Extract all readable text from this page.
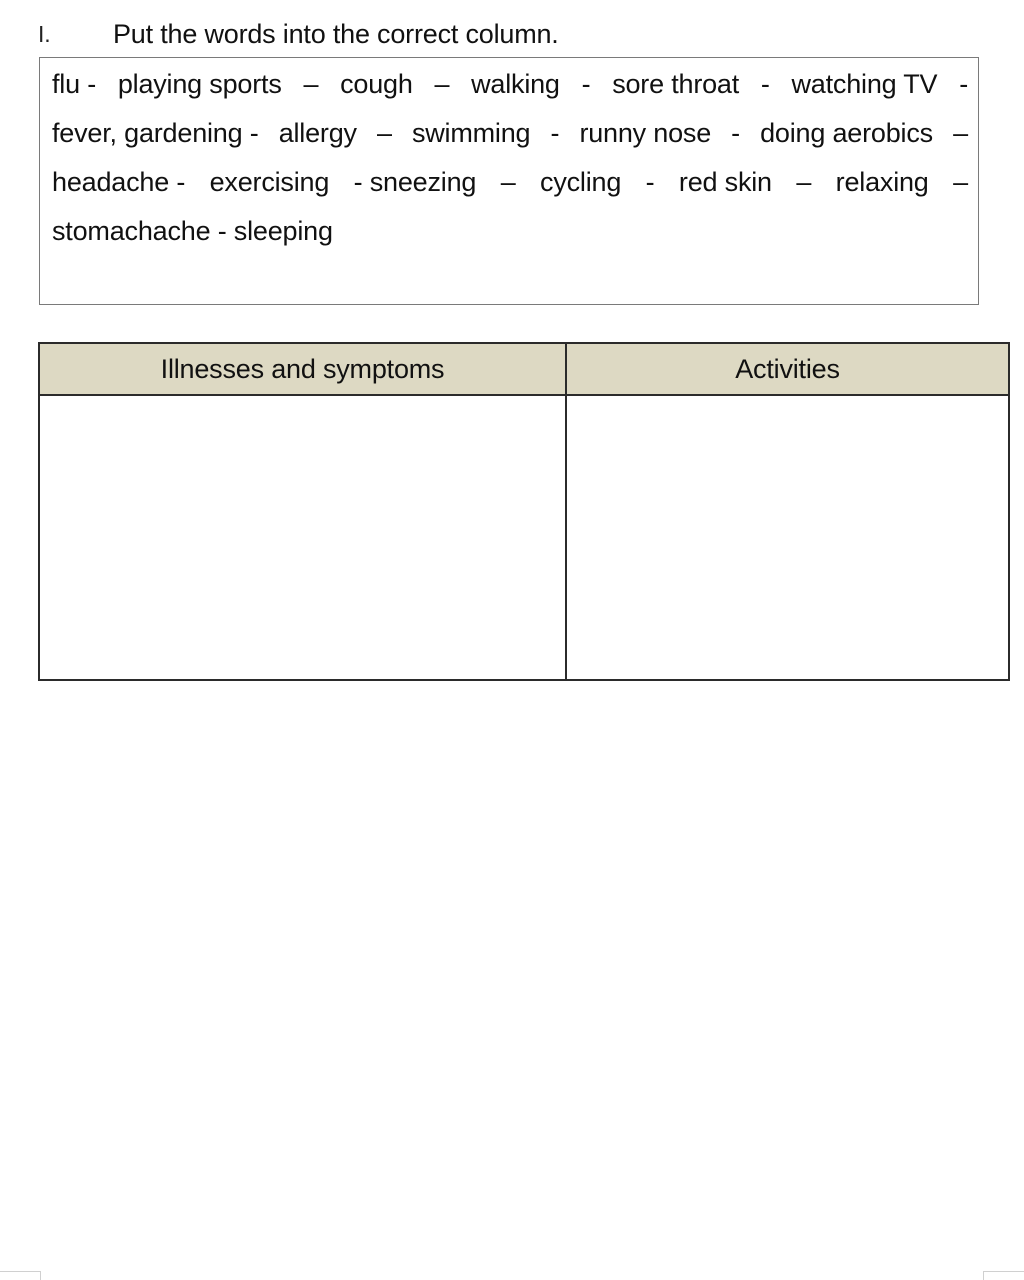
I.	Put the words into the correct column.
flu - playing sports – cough – walking - sore throat - watching TV -
fever, gardening - allergy – swimming - runny nose - doing aerobics –
headache - exercising - sneezing – cycling - red skin – relaxing –
stomachache - sleeping
Illnesses and symptoms	Activities
